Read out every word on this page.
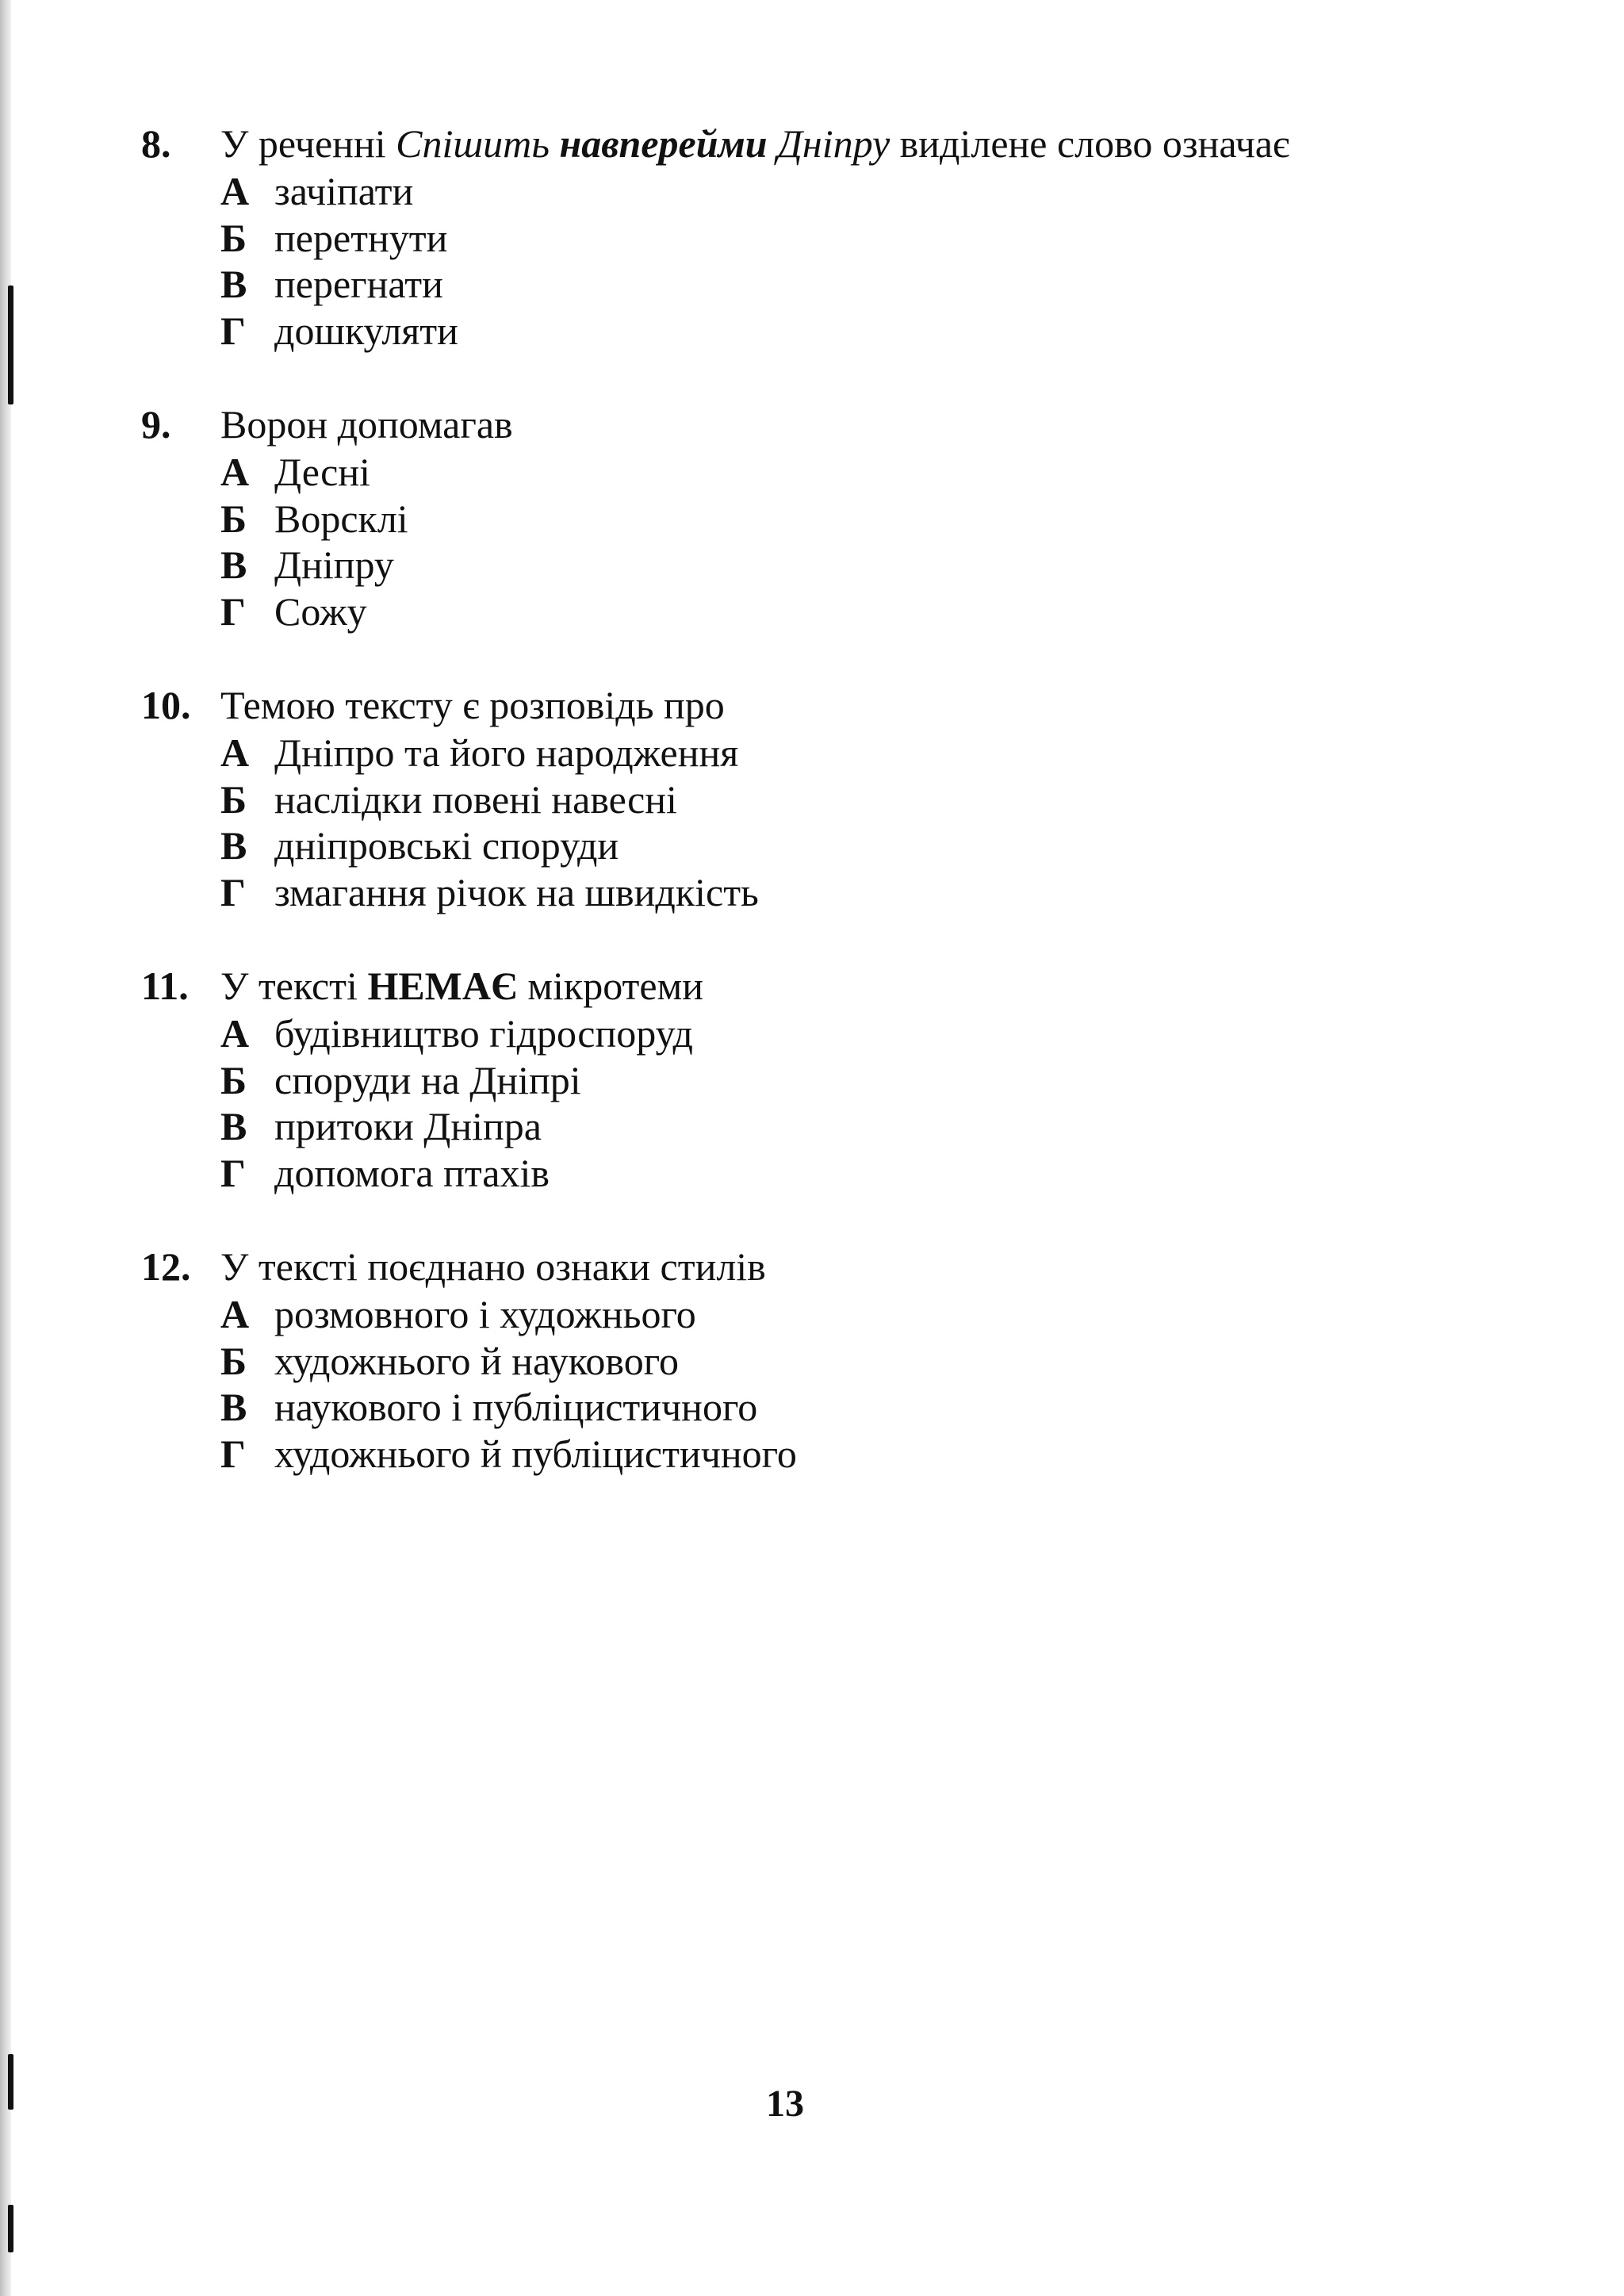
8.	У реченні Спішить навперейми Дніпру виділене слово означає
А зачіпати
Б перетнути
В перегнати
Г дошкуляти
9.	Ворон допомагав
А Десні
Б Ворсклі
В Дніпру
Г Сожу
10. Темою тексту є розповідь про
А Дніпро та його народження
Б наслідки повені навесні
В дніпровські споруди
Г змагання річок на швидкість
11. У тексті НЕМАЄ мікротеми
А будівництво гідроспоруд
Б споруди на Дніпрі
В притоки Дніпра
Г допомога птахів
12. У тексті поєднано ознаки стилів
А розмовного і художнього
Б художнього й наукового
В наукового і публіцистичного
Г художнього й публіцистичного
13
